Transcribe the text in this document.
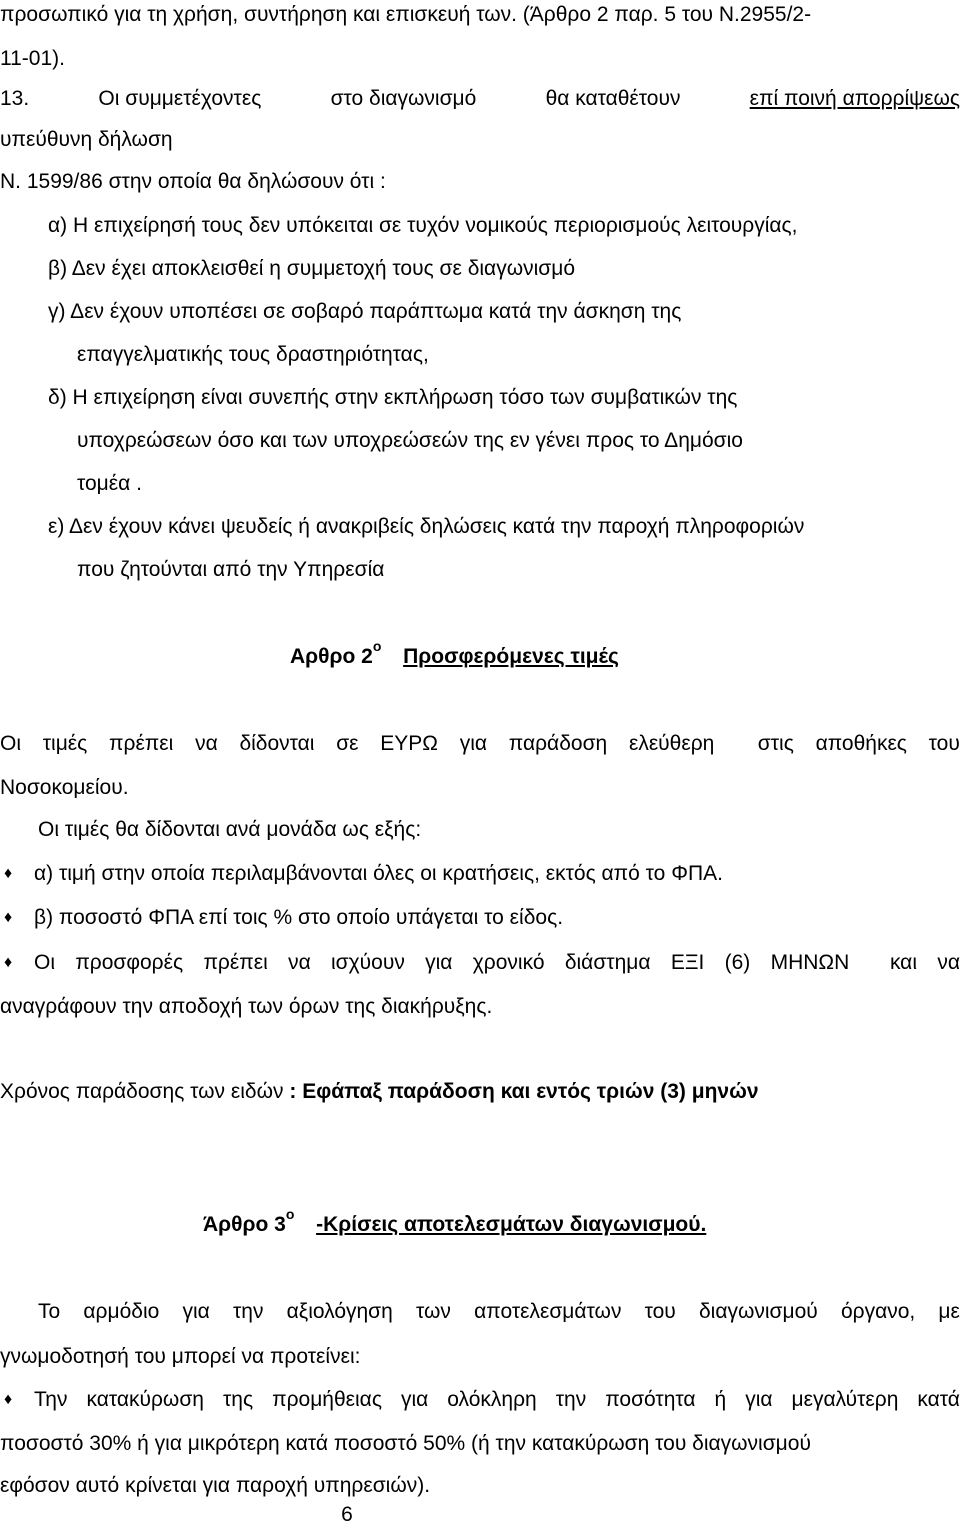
προσωπικό για τη χρήση, συντήρηση και επισκευή των. (Άρθρο 2 παρ. 5 του Ν.2955/2-
11-01).
13.	Οι συμμετέχοντες	στο διαγωνισμό	θα καταθέτουν	επί ποινή απορρίψεως
υπεύθυνη δήλωση
Ν. 1599/86 στην οποία θα δηλώσουν ότι :
α) Η επιχείρησή τους δεν υπόκειται σε τυχόν νομικούς περιορισμούς λειτουργίας,
β) Δεν έχει αποκλεισθεί η συμμετοχή τους σε διαγωνισμό
γ) Δεν έχουν υποπέσει σε σοβαρό παράπτωμα κατά την άσκηση της
επαγγελματικής τους δραστηριότητας,
δ) Η επιχείρηση είναι συνεπής στην εκπλήρωση τόσο των συμβατικών της
υποχρεώσεων όσο και των υποχρεώσεών της εν γένει προς το Δημόσιο
τομέα .
ε) Δεν έχουν κάνει ψευδείς ή ανακριβείς δηλώσεις κατά την παροχή πληροφοριών
που ζητούνται από την Υπηρεσία
Αρθρο $2^o$ Προσφερόμενες τιμές
Οι τιμές πρέπει να δίδονται σε ΕΥΡΩ για παράδοση ελεύθερη στις αποθήκες του
Νοσοκομείου.
Οι τιμές θα δίδονται ανά μονάδα ως εξής:
♦ α) τιμή στην οποία περιλαμβάνονται όλες οι κρατήσεις, εκτός από το ΦΠΑ.
♦ β) ποσοστό ΦΠΑ επί τοις % στο οποίο υπάγεται το είδος.
♦ Οι προσφορές πρέπει να ισχύουν για χρονικό διάστημα ΕΞΙ (6) ΜΗΝΩΝ και να
αναγράφουν την αποδοχή των όρων της διακήρυξης.
Χρόνος παράδοσης των ειδών : Εφάπαξ παράδοση και εντός τριών (3) μηνών
Άρθρο $3^o$ -Κρίσεις αποτελεσμάτων διαγωνισμού.
Το αρμόδιο για την αξιολόγηση των αποτελεσμάτων του διαγωνισμού όργανο, με
γνωμοδοτησή του μπορεί να προτείνει:
♦ Την κατακύρωση της προμήθειας για ολόκληρη την ποσότητα ή για μεγαλύτερη κατά
ποσοστό 30% ή για μικρότερη κατά ποσοστό 50% (ή την κατακύρωση του διαγωνισμού
εφόσον αυτό κρίνεται για παροχή υπηρεσιών).
6
